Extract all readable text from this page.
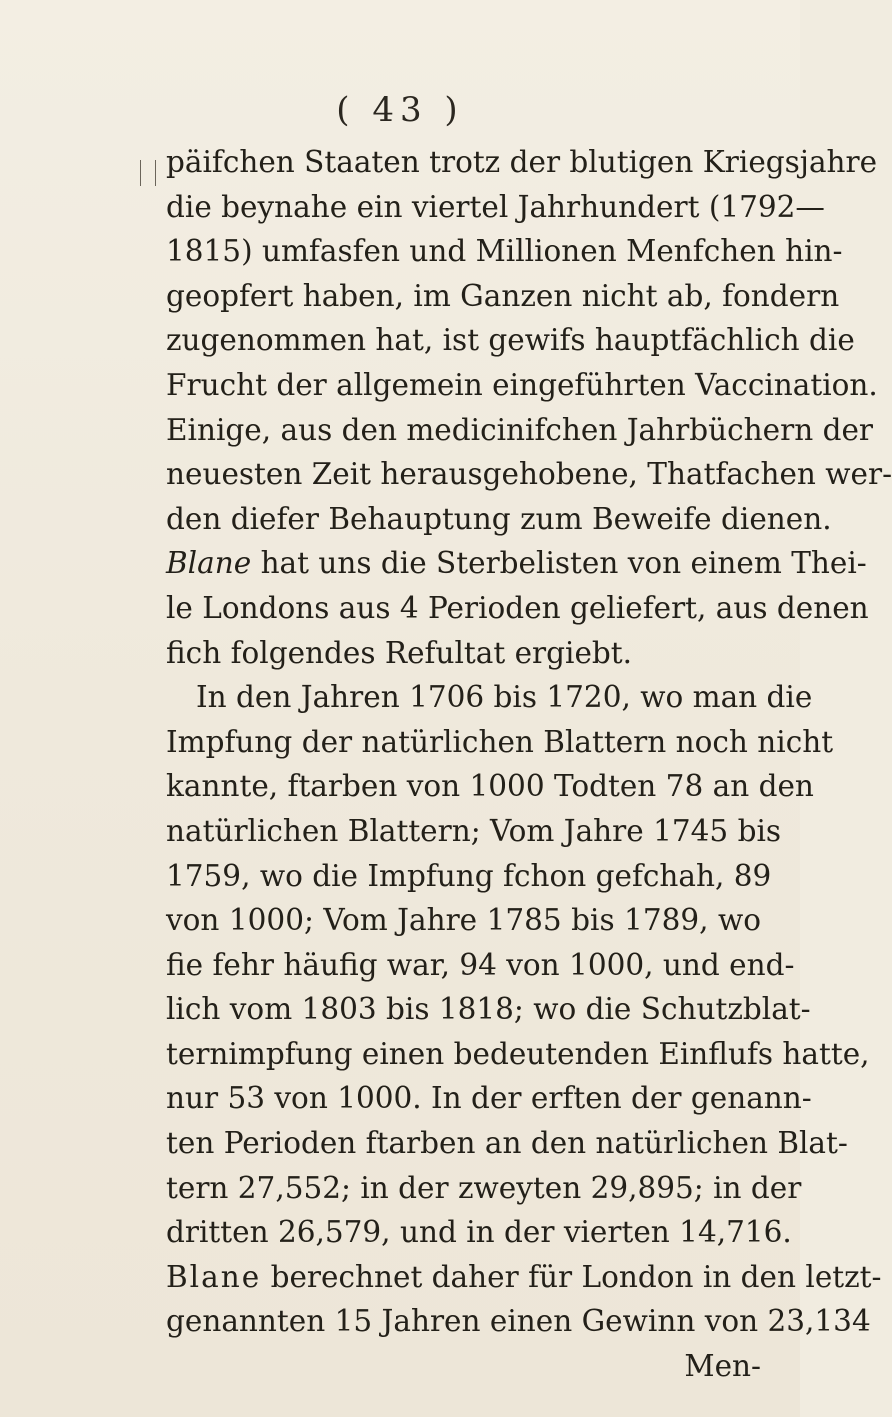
( 43 )
päifchen Staaten trotz der blutigen Kriegsjahre
die beynahe ein viertel Jahrhundert (1792—
1815) umfasfen und Millionen Menfchen hin-
geopfert haben, im Ganzen nicht ab, fondern
zugenommen hat, ist gewifs hauptfächlich die
Frucht der allgemein eingeführten Vaccination.
Einige, aus den medicinifchen Jahrbüchern der
neuesten Zeit herausgehobene, Thatfachen wer-
den diefer Behauptung zum Beweife dienen.
Blane hat uns die Sterbelisten von einem Thei-
le Londons aus 4 Perioden geliefert, aus denen
fich folgendes Refultat ergiebt.
In den Jahren 1706 bis 1720, wo man die
Impfung der natürlichen Blattern noch nicht
kannte, ftarben von 1000 Todten 78 an den
natürlichen Blattern; Vom Jahre 1745 bis
1759, wo die Impfung fchon gefchah, 89
von 1000; Vom Jahre 1785 bis 1789, wo
fie fehr häufig war, 94 von 1000, und end-
lich vom 1803 bis 1818; wo die Schutzblat-
ternimpfung einen bedeutenden Einflufs hatte,
nur 53 von 1000. In der erften der genann-
ten Perioden ftarben an den natürlichen Blat-
tern 27,552; in der zweyten 29,895; in der
dritten 26,579, und in der vierten 14,716.
Blane berechnet daher für London in den letzt-
genannten 15 Jahren einen Gewinn von 23,134
Men-
